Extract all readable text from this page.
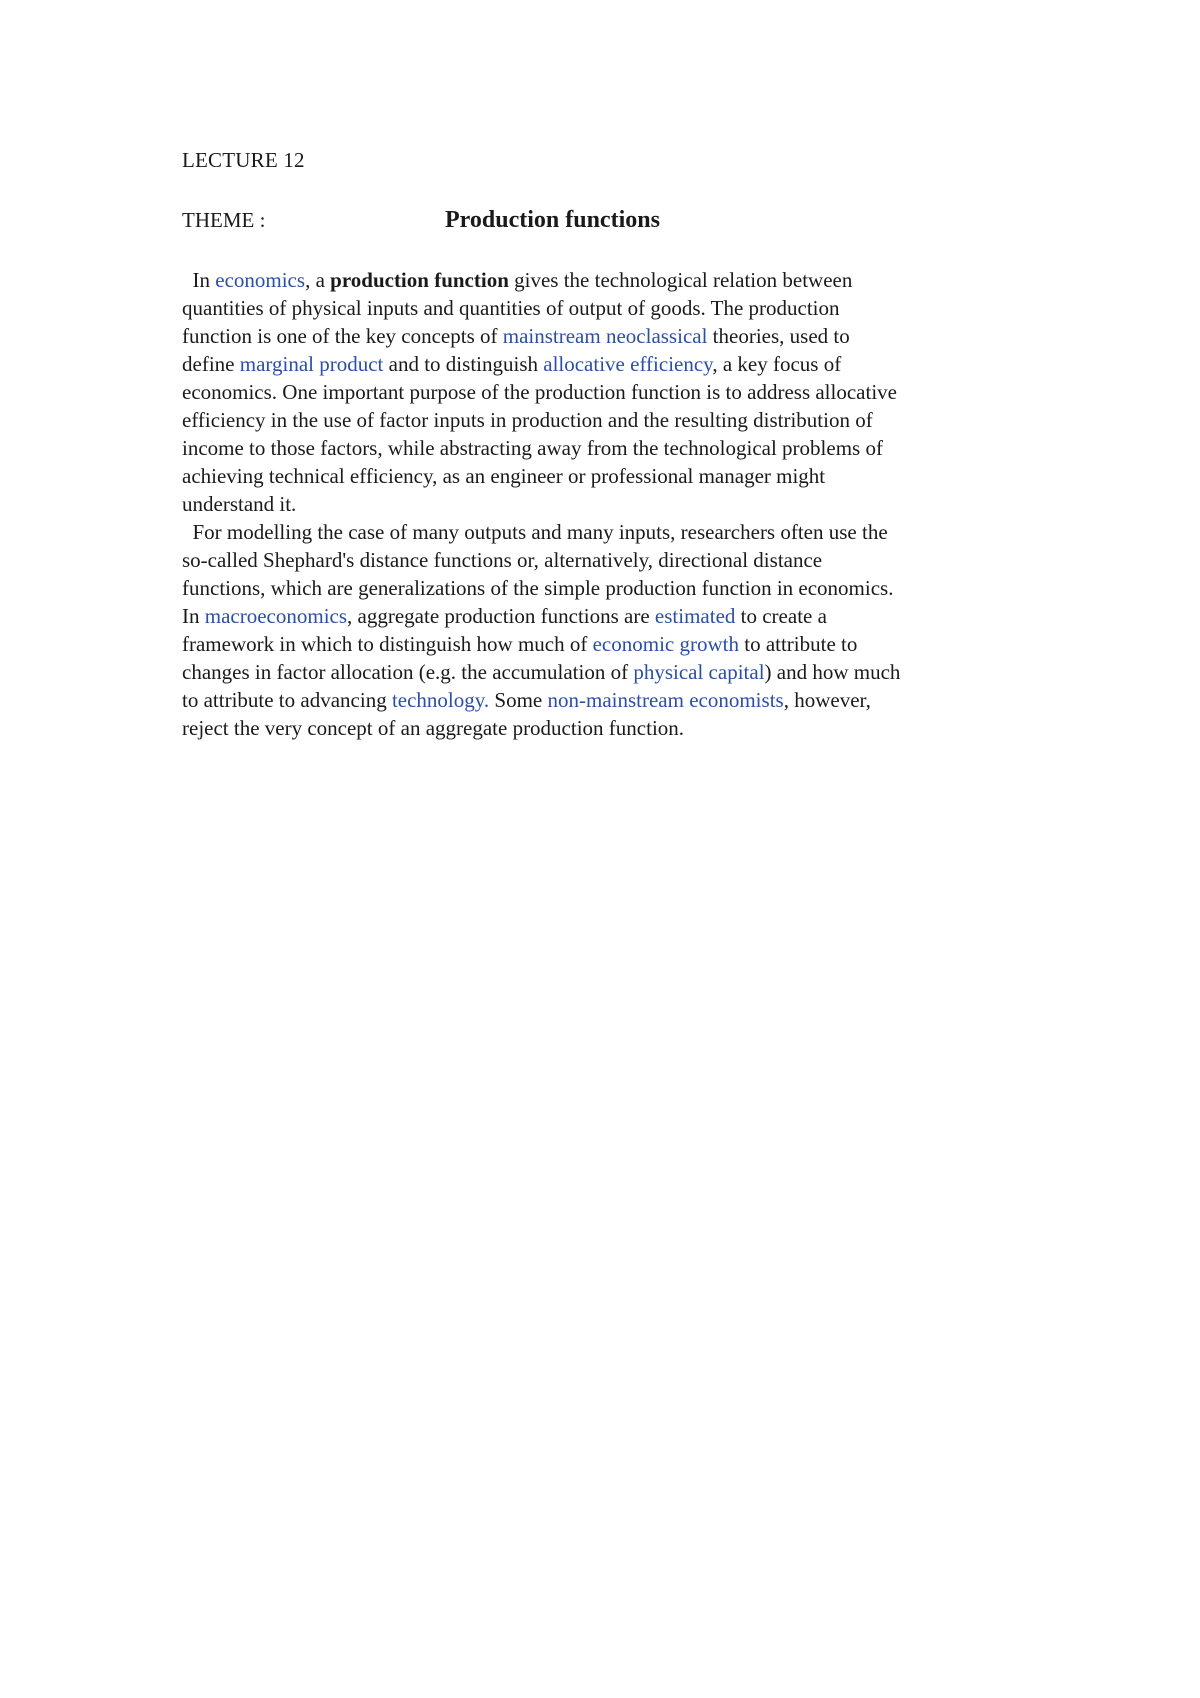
LECTURE 12
THEME :	Production functions
In economics, a production function gives the technological relation between
quantities of physical inputs and quantities of output of goods. The production
function is one of the key concepts of mainstream neoclassical theories, used to
define marginal product and to distinguish allocative efficiency, a key focus of
economics. One important purpose of the production function is to address allocative
efficiency in the use of factor inputs in production and the resulting distribution of
income to those factors, while abstracting away from the technological problems of
achieving technical efficiency, as an engineer or professional manager might
understand it.
For modelling the case of many outputs and many inputs, researchers often use the
so-called Shephard's distance functions or, alternatively, directional distance
functions, which are generalizations of the simple production function in economics.
In macroeconomics, aggregate production functions are estimated to create a
framework in which to distinguish how much of economic growth to attribute to
changes in factor allocation (e.g. the accumulation of physical capital) and how much
to attribute to advancing technology. Some non-mainstream economists, however,
reject the very concept of an aggregate production function.
